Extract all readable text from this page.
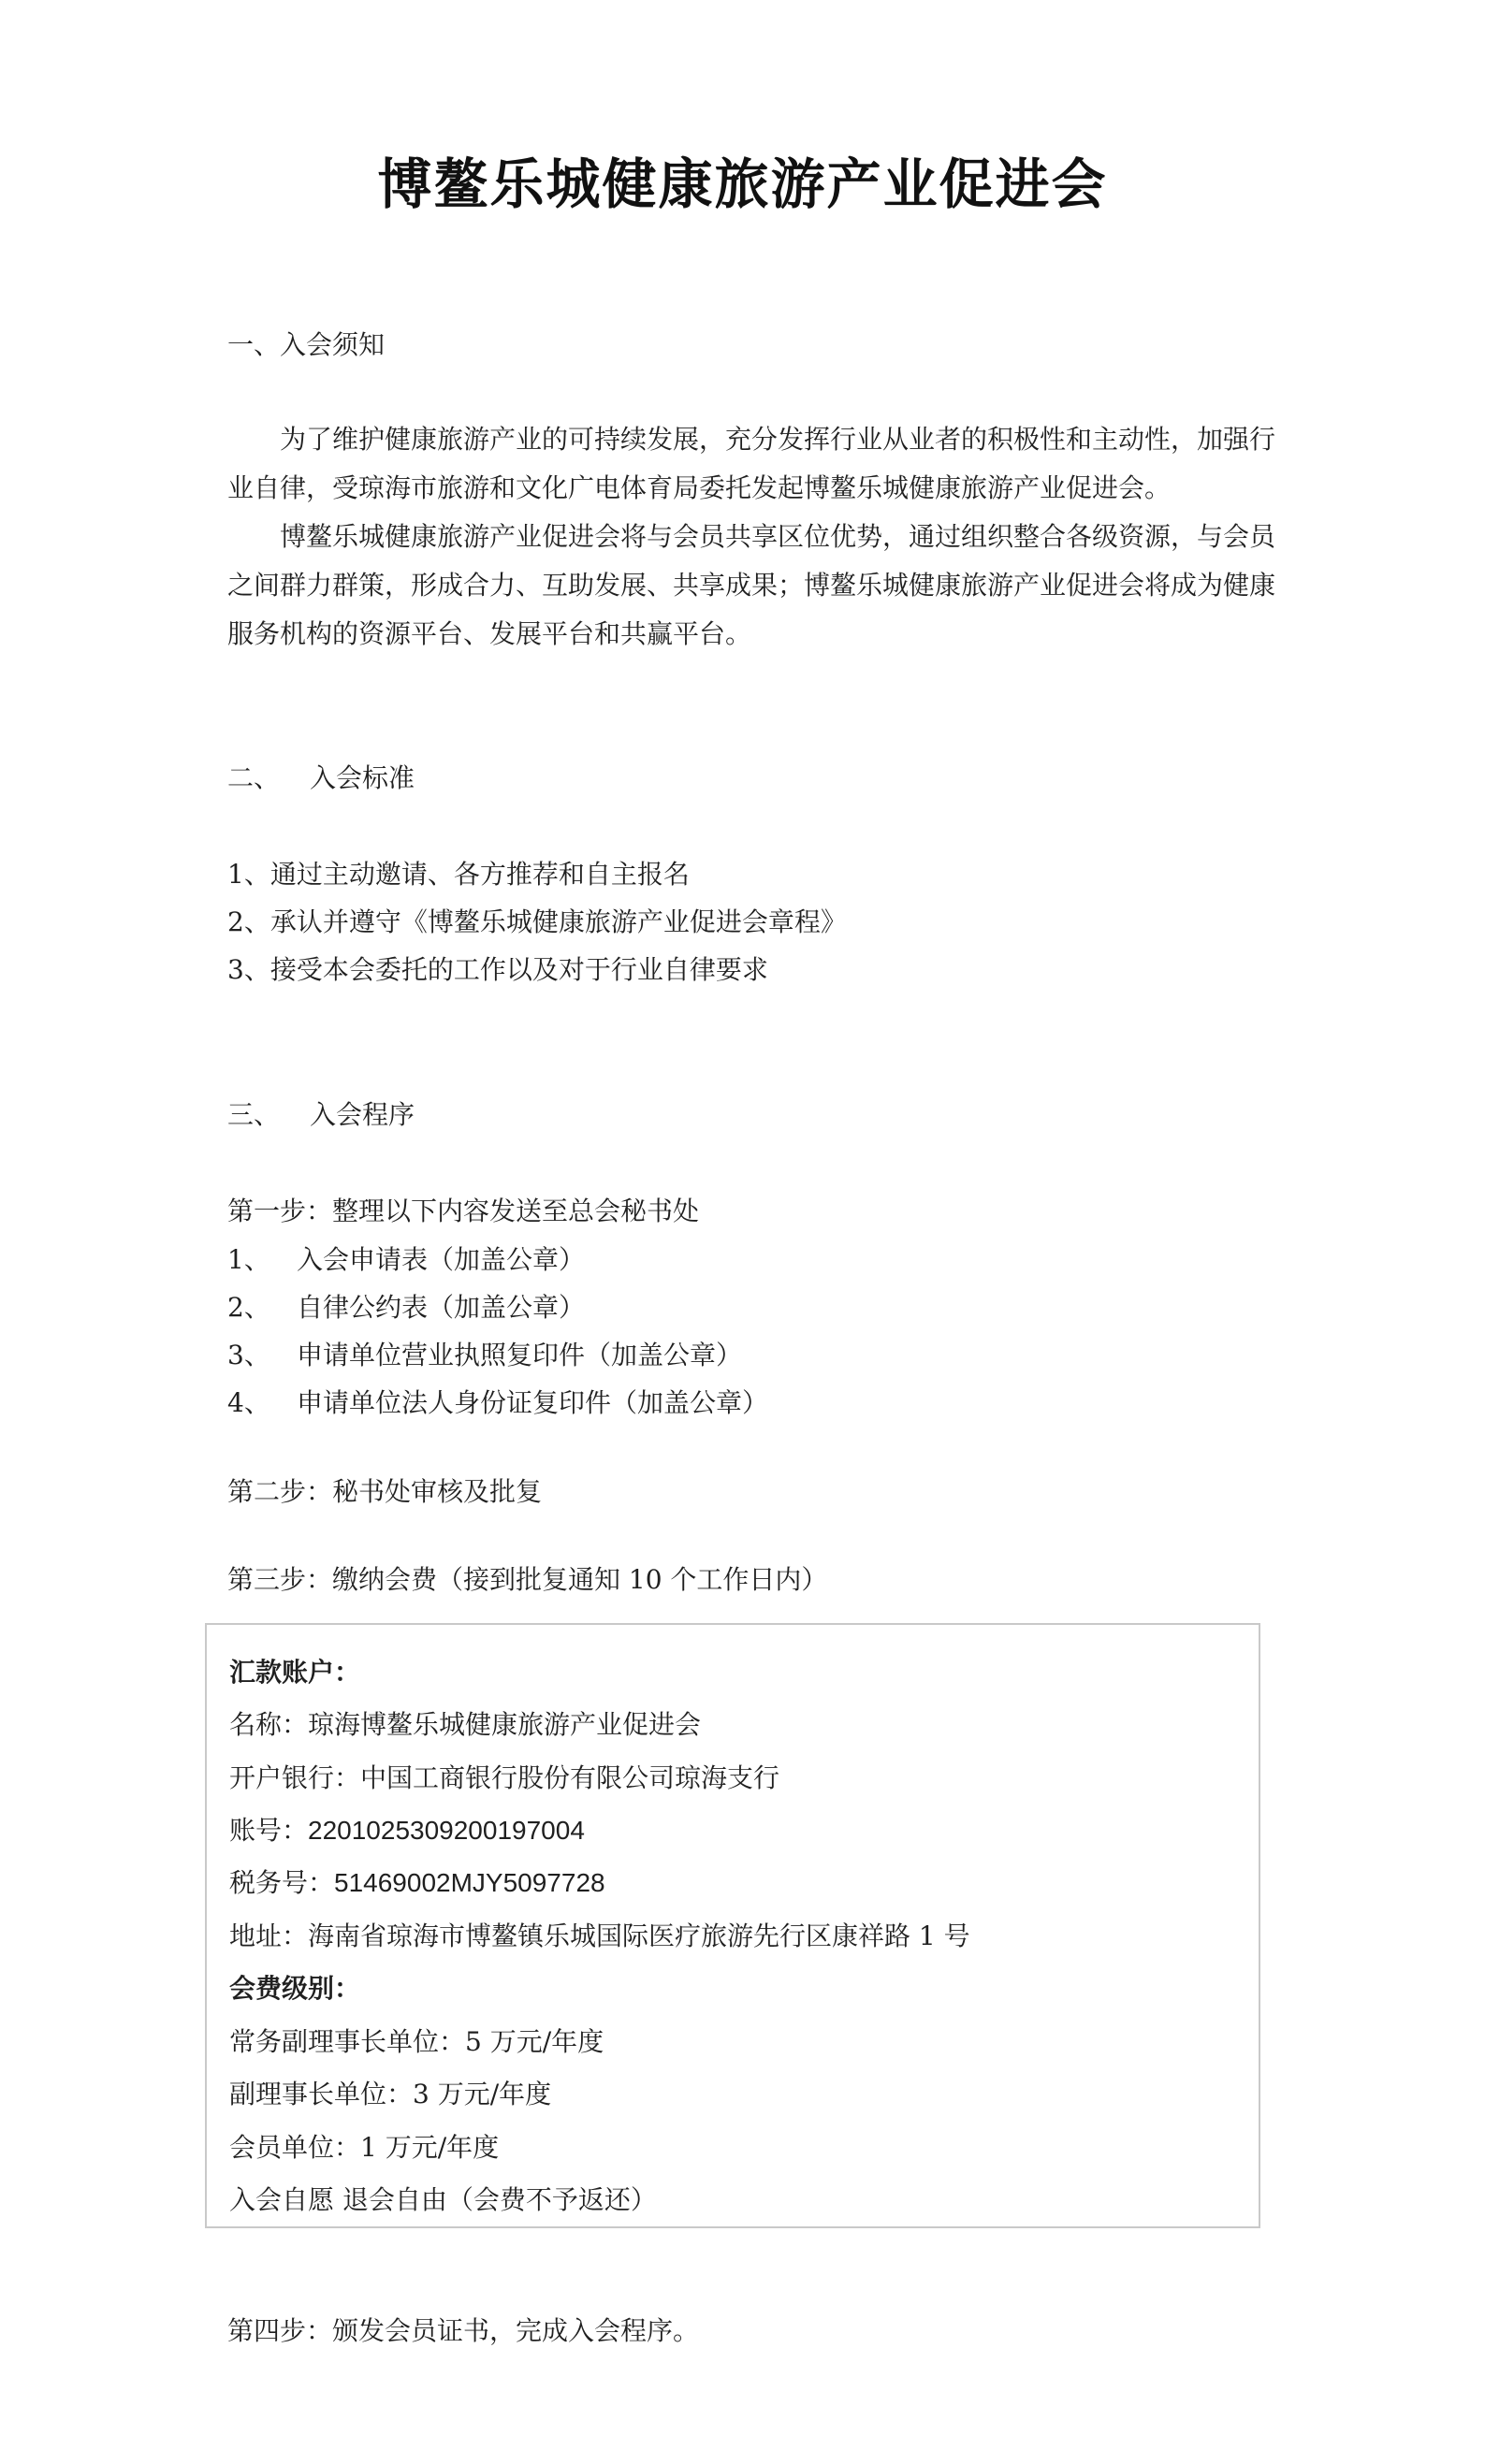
博鳌乐城健康旅游产业促进会
一、入会须知
为了维护健康旅游产业的可持续发展，充分发挥行业从业者的积极性和主动性，加强行业自律，受琼海市旅游和文化广电体育局委托发起博鳌乐城健康旅游产业促进会。
博鳌乐城健康旅游产业促进会将与会员共享区位优势，通过组织整合各级资源，与会员之间群力群策，形成合力、互助发展、共享成果；博鳌乐城健康旅游产业促进会将成为健康服务机构的资源平台、发展平台和共赢平台。
二、 入会标准
1、通过主动邀请、各方推荐和自主报名
2、承认并遵守《博鳌乐城健康旅游产业促进会章程》
3、接受本会委托的工作以及对于行业自律要求
三、 入会程序
第一步：整理以下内容发送至总会秘书处
1、 入会申请表（加盖公章）
2、 自律公约表（加盖公章）
3、 申请单位营业执照复印件（加盖公章）
4、 申请单位法人身份证复印件（加盖公章）
第二步：秘书处审核及批复
第三步：缴纳会费（接到批复通知 10 个工作日内）
汇款账户：
名称：琼海博鳌乐城健康旅游产业促进会
开户银行：中国工商银行股份有限公司琼海支行
账号：2201025309200197004
税务号：51469002MJY5097728
地址：海南省琼海市博鳌镇乐城国际医疗旅游先行区康祥路 1 号
会费级别：
常务副理事长单位：5 万元/年度
副理事长单位：3 万元/年度
会员单位：1 万元/年度
入会自愿 退会自由（会费不予返还）
第四步：颁发会员证书，完成入会程序。
